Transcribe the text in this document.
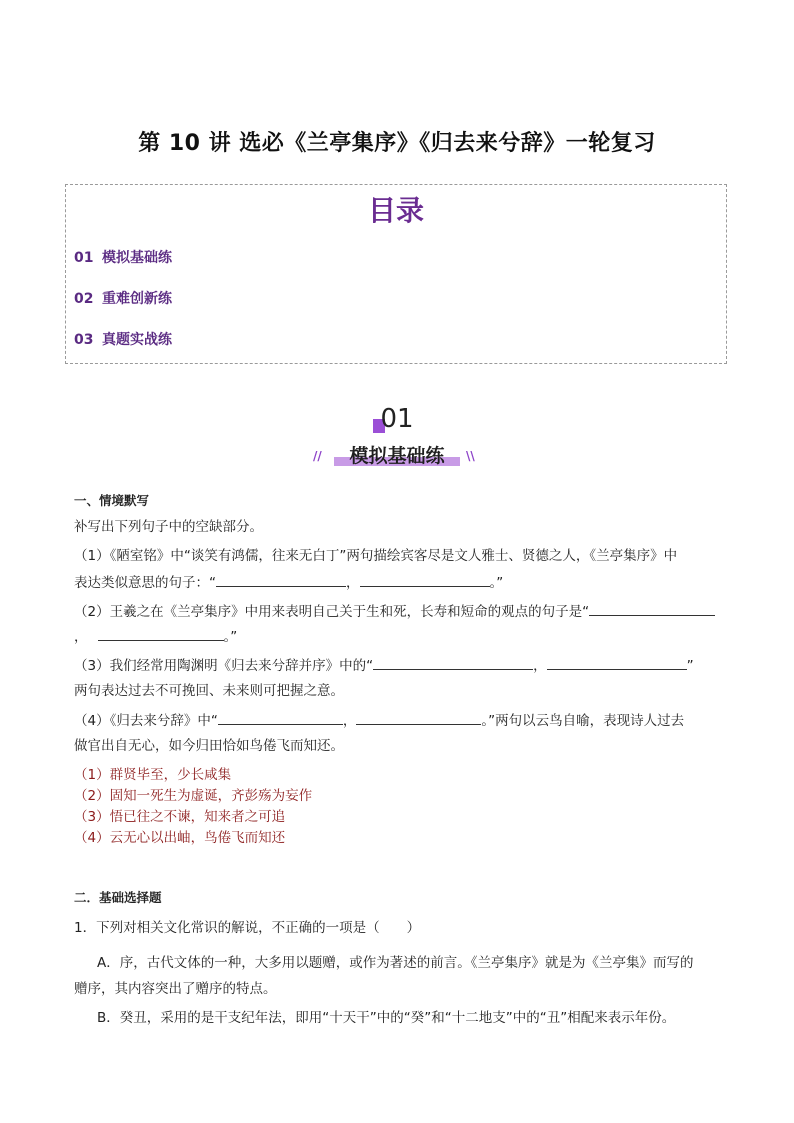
第 10 讲 选必《兰亭集序》《归去来兮辞》一轮复习
目录
01 模拟基础练
02 重难创新练
03 真题实战练
01
//	模拟基础练	\\
一、情境默写
补写出下列句子中的空缺部分。
（1）《陋室铭》中“谈笑有鸿儒，往来无白丁”两句描绘宾客尽是文人雅士、贤德之人，《兰亭集序》中
表达类似意思的句子：“	，	。”
（2）王羲之在《兰亭集序》中用来表明自己关于生和死，长寿和短命的观点的句子是“
，	。”
（3）我们经常用陶渊明《归去来兮辞并序》中的“	，	”
两句表达过去不可挽回、未来则可把握之意。
（4）《归去来兮辞》中“	，	。”两句以云鸟自喻，表现诗人过去
做官出自无心，如今归田恰如鸟倦飞而知还。
（1）群贤毕至，少长咸集
（2）固知一死生为虚诞，齐彭殇为妄作
（3）悟已往之不谏，知来者之可追
（4）云无心以出岫，鸟倦飞而知还
二．基础选择题
1．下列对相关文化常识的解说，不正确的一项是（　　）
A．序，古代文体的一种，大多用以题赠，或作为著述的前言。《兰亭集序》就是为《兰亭集》而写的
赠序，其内容突出了赠序的特点。
B．癸丑，采用的是干支纪年法，即用“十天干”中的“癸”和“十二地支”中的“丑”相配来表示年份。
